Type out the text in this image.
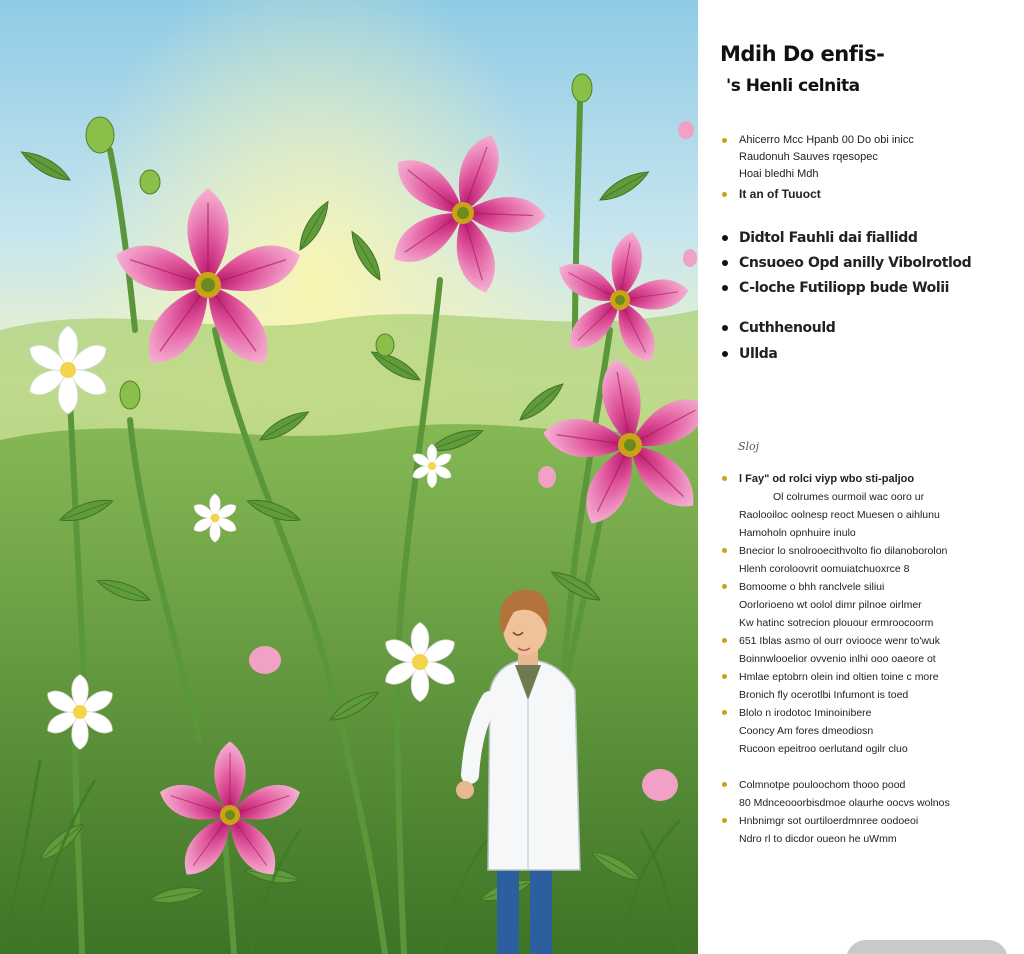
Mdih Do enfis-
's Henli celnita
Ahicerro Mcc Hpanb 00 Do obi inicc
Raudonuh Sauves rqesopec
Hoai bledhi Mdh
It an of Tuuoct
Didtol Fauhli dai fiallidd
Cnsuoeo Opd anilly Vibolrotlod
C-loche Futiliopp bude Wolii
Cuthhenould
Ullda
Sloj
l Fay" od rolci viyp wbo sti-paljoo
Ol colrumes ourmoil wac ooro ur
Raolooiloc oolnesp reoct Muesen o aihlunu
Hamoholn opnhuire inulo
Bnecior lo snolrooecithvolto fio dilanoborolon
Hlenh coroloovrit oomuiatchuoxrce 8
Bomoome o bhh ranclvele siliui
Oorlorioeno wt oolol dimr pilnoe oirlmer
Kw hatinc sotrecion plouour ermroocoorm
651 Iblas asmo ol ourr oviooce wenr to'wuk
Boinnwlooelior ovvenio inlhi ooo oaeore ot
Hmlae eptobrn olein ind oltien toine c more
Bronich fly ocerotlbi Infumont is toed
Blolo n irodotoc Iminoinibere
Cooncy Am fores dmeodiosn
Rucoon epeitroo oerlutand ogilr cluo
Colmnotpe pouloochom thooo pood
80 Mdnceooorbisdmoe olaurhe oocvs wolnos
Hnbnimgr sot ourtiloerdmnree oodoeoi
Ndro rl to dicdor oueon he uWmm
